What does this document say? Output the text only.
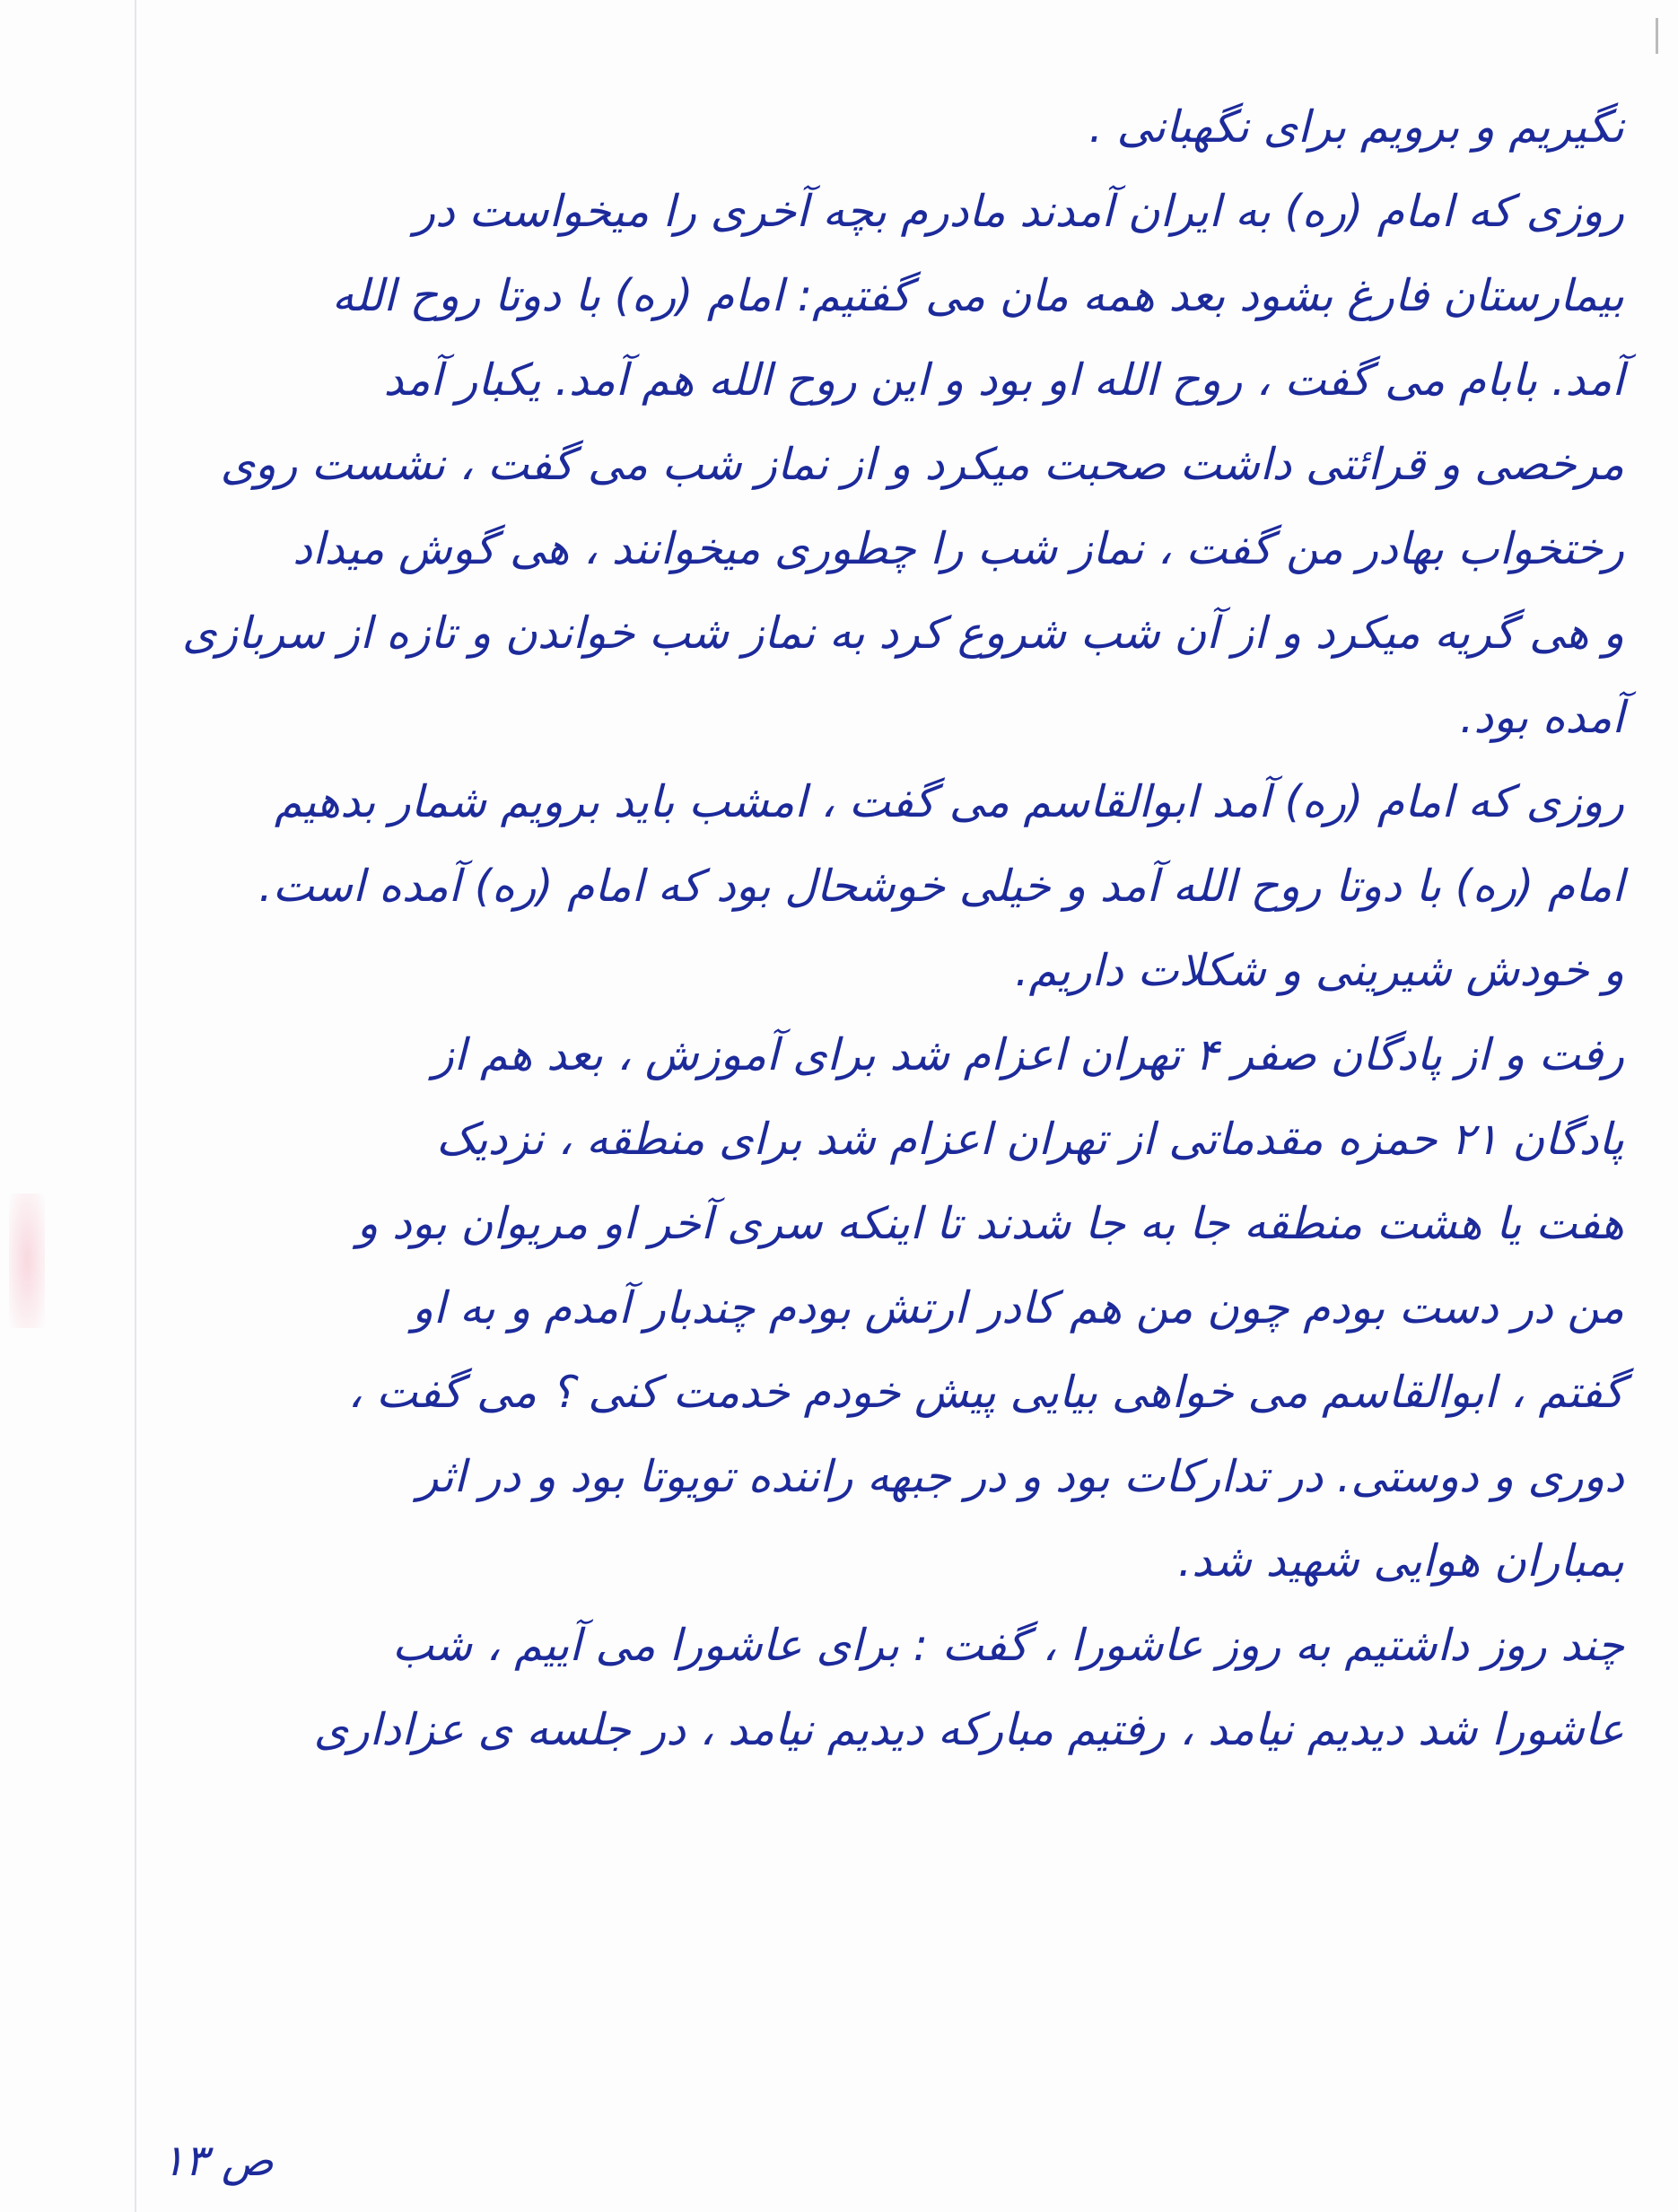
نگیریم و برویم برای نگهبانی .
روزی که امام (ره) به ایران آمدند مادرم بچه آخری را میخواست در
بیمارستان فارغ بشود بعد همه مان می گفتیم: امام (ره) با دوتا روح الله
آمد. بابام می گفت ، روح الله او بود و این روح الله هم آمد. یکبار آمد
مرخصی و قرائتی داشت صحبت میکرد و از نماز شب می گفت ، نشست روی
رختخواب بهادر من گفت ، نماز شب را چطوری میخوانند ، هی گوش میداد
و هی گریه میکرد و از آن شب شروع کرد به نماز شب خواندن و تازه از سربازی
آمده بود.
روزی که امام (ره) آمد ابوالقاسم می گفت ، امشب باید برویم شمار بدهیم
امام (ره) با دوتا روح الله آمد و خیلی خوشحال بود که امام (ره) آمده است.
و خودش شیرینی و شکلات داریم.
رفت و از پادگان صفر ۴ تهران اعزام شد برای آموزش ، بعد هم از
پادگان ۲۱ حمزه مقدماتی از تهران اعزام شد برای منطقه ، نزدیک
هفت یا هشت منطقه جا به جا شدند تا اینکه سری آخر او مریوان بود و
من در دست بودم چون من هم کادر ارتش بودم چندبار آمدم و به او
گفتم ، ابوالقاسم می خواهی بیایی پیش خودم خدمت کنی ؟ می گفت ،
دوری و دوستی. در تدارکات بود و در جبهه راننده تویوتا بود و در اثر
بمباران هوایی شهید شد.
چند روز داشتیم به روز عاشورا ، گفت : برای عاشورا می آییم ، شب
عاشورا شد دیدیم نیامد ، رفتیم مبارکه دیدیم نیامد ، در جلسه ی عزاداری
ص ۱۳
